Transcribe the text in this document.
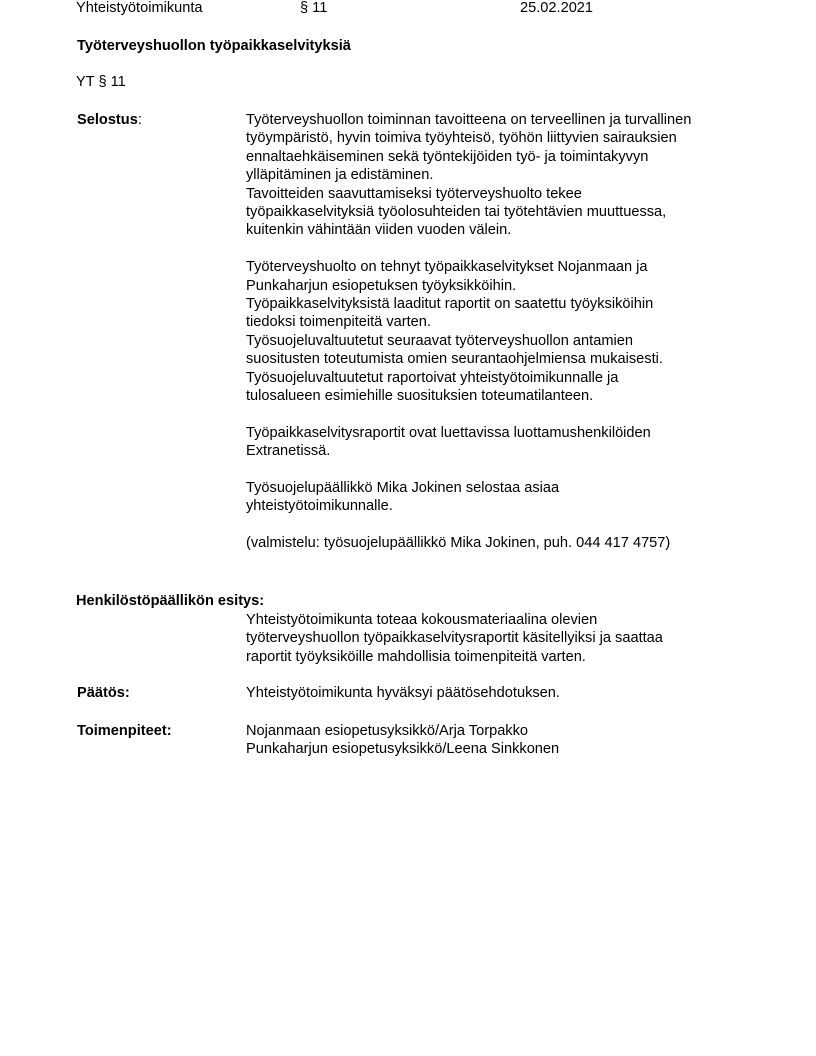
Yhteistyötoimikunta	§ 11	25.02.2021
Työterveyshuollon työpaikkaselvityksiä
YT § 11
Selostus:	Työterveyshuollon toiminnan tavoitteena on terveellinen ja turvallinen
työympäristö, hyvin toimiva työyhteisö, työhön liittyvien sairauksien
ennaltaehkäiseminen sekä työntekijöiden työ- ja toimintakyvyn
ylläpitäminen ja edistäminen.
Tavoitteiden saavuttamiseksi työterveyshuolto tekee
työpaikkaselvityksiä työolosuhteiden tai työtehtävien muuttuessa,
kuitenkin vähintään viiden vuoden välein.
Työterveyshuolto on tehnyt työpaikkaselvitykset Nojanmaan ja
Punkaharjun esiopetuksen työyksikköihin.
Työpaikkaselvityksistä laaditut raportit on saatettu työyksiköihin
tiedoksi toimenpiteitä varten.
Työsuojeluvaltuutetut seuraavat työterveyshuollon antamien
suositusten toteutumista omien seurantaohjelmiensa mukaisesti.
Työsuojeluvaltuutetut raportoivat yhteistyötoimikunnalle ja
tulosalueen esimiehille suosituksien toteumatilanteen.
Työpaikkaselvitysraportit ovat luettavissa luottamushenkilöiden
Extranetissä.
Työsuojelupäällikkö Mika Jokinen selostaa asiaa
yhteistyötoimikunnalle.
(valmistelu: työsuojelupäällikkö Mika Jokinen, puh. 044 417 4757)
Henkilöstöpäällikön esitys:
Yhteistyötoimikunta toteaa kokousmateriaalina olevien
työterveyshuollon työpaikkaselvitysraportit käsitellyiksi ja saattaa
raportit työyksiköille mahdollisia toimenpiteitä varten.
Päätös:	Yhteistyötoimikunta hyväksyi päätösehdotuksen.
Toimenpiteet:	Nojanmaan esiopetusyksikkö/Arja Torpakko
Punkaharjun esiopetusyksikkö/Leena Sinkkonen
